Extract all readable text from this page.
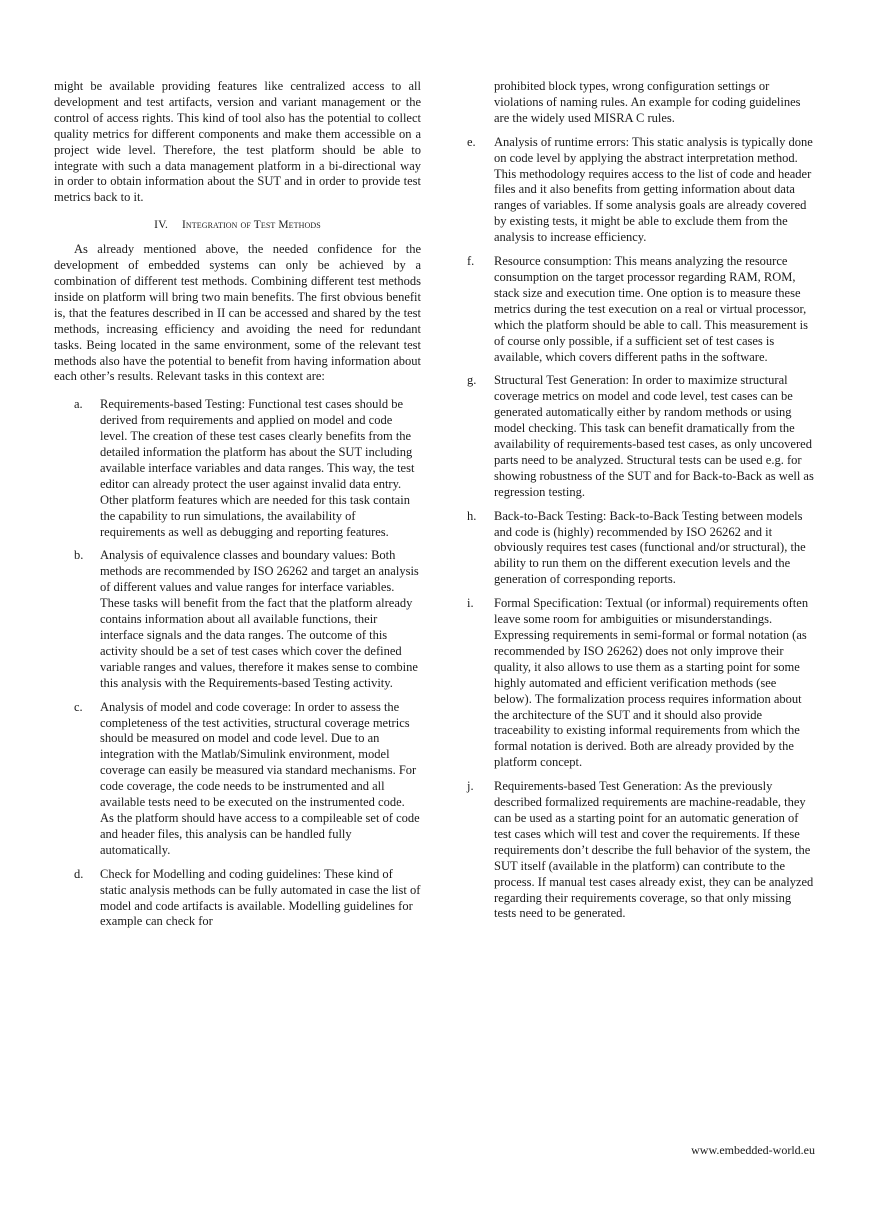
might be available providing features like centralized access to all development and test artifacts, version and variant management or the control of access rights. This kind of tool also has the potential to collect quality metrics for different components and make them accessible on a project wide level. Therefore, the test platform should be able to integrate with such a data management platform in a bi-directional way in order to obtain information about the SUT and in order to provide test metrics back to it.

IV. Integration of Test Methods

As already mentioned above, the needed confidence for the development of embedded systems can only be achieved by a combination of different test methods. Combining different test methods inside on platform will bring two main benefits. The first obvious benefit is, that the features described in II can be accessed and shared by the test methods, increasing efficiency and avoiding the need for redundant tasks. Being located in the same environment, some of the relevant test methods also have the potential to benefit from having information about each other’s results. Relevant tasks in this context are:

a. Requirements-based Testing: Functional test cases should be derived from requirements and applied on model and code level. The creation of these test cases clearly benefits from the detailed information the platform has about the SUT including available interface variables and data ranges. This way, the test editor can already protect the user against invalid data entry. Other platform features which are needed for this task contain the capability to run simulations, the availability of requirements as well as debugging and reporting features.
b. Analysis of equivalence classes and boundary values: Both methods are recommended by ISO 26262 and target an analysis of different values and value ranges for interface variables. These tasks will benefit from the fact that the platform already contains information about all available functions, their interface signals and the data ranges. The outcome of this activity should be a set of test cases which cover the defined variable ranges and values, therefore it makes sense to combine this analysis with the Requirements-based Testing activity.
c. Analysis of model and code coverage: In order to assess the completeness of the test activities, structural coverage metrics should be measured on model and code level. Due to an integration with the Matlab/Simulink environment, model coverage can easily be measured via standard mechanisms. For code coverage, the code needs to be instrumented and all available tests need to be executed on the instrumented code. As the platform should have access to a compileable set of code and header files, this analysis can be handled fully automatically.
d. Check for Modelling and coding guidelines: These kind of static analysis methods can be fully automated in case the list of model and code artifacts is available. Modelling guidelines for example can check for

prohibited block types, wrong configuration settings or violations of naming rules. An example for coding guidelines are the widely used MISRA C rules.

e. Analysis of runtime errors: This static analysis is typically done on code level by applying the abstract interpretation method. This methodology requires access to the list of code and header files and it also benefits from getting information about data ranges of variables. If some analysis goals are already covered by existing tests, it might be able to exclude them from the analysis to increase efficiency.
f. Resource consumption: This means analyzing the resource consumption on the target processor regarding RAM, ROM, stack size and execution time. One option is to measure these metrics during the test execution on a real or virtual processor, which the platform should be able to call. This measurement is of course only possible, if a sufficient set of test cases is available, which covers different paths in the software.
g. Structural Test Generation: In order to maximize structural coverage metrics on model and code level, test cases can be generated automatically either by random methods or using model checking. This task can benefit dramatically from the availability of requirements-based test cases, as only uncovered parts need to be analyzed. Structural tests can be used e.g. for showing robustness of the SUT and for Back-to-Back as well as regression testing.
h. Back-to-Back Testing: Back-to-Back Testing between models and code is (highly) recommended by ISO 26262 and it obviously requires test cases (functional and/or structural), the ability to run them on the different execution levels and the generation of corresponding reports.
i. Formal Specification: Textual (or informal) requirements often leave some room for ambiguities or misunderstandings. Expressing requirements in semi-formal or formal notation (as recommended by ISO 26262) does not only improve their quality, it also allows to use them as a starting point for some highly automated and efficient verification methods (see below). The formalization process requires information about the architecture of the SUT and it should also provide traceability to existing informal requirements from which the formal notation is derived. Both are already provided by the platform concept.
j. Requirements-based Test Generation: As the previously described formalized requirements are machine-readable, they can be used as a starting point for an automatic generation of test cases which will test and cover the requirements. If these requirements don’t describe the full behavior of the system, the SUT itself (available in the platform) can contribute to the process. If manual test cases already exist, they can be analyzed regarding their requirements coverage, so that only missing tests need to be generated.
www.embedded-world.eu
